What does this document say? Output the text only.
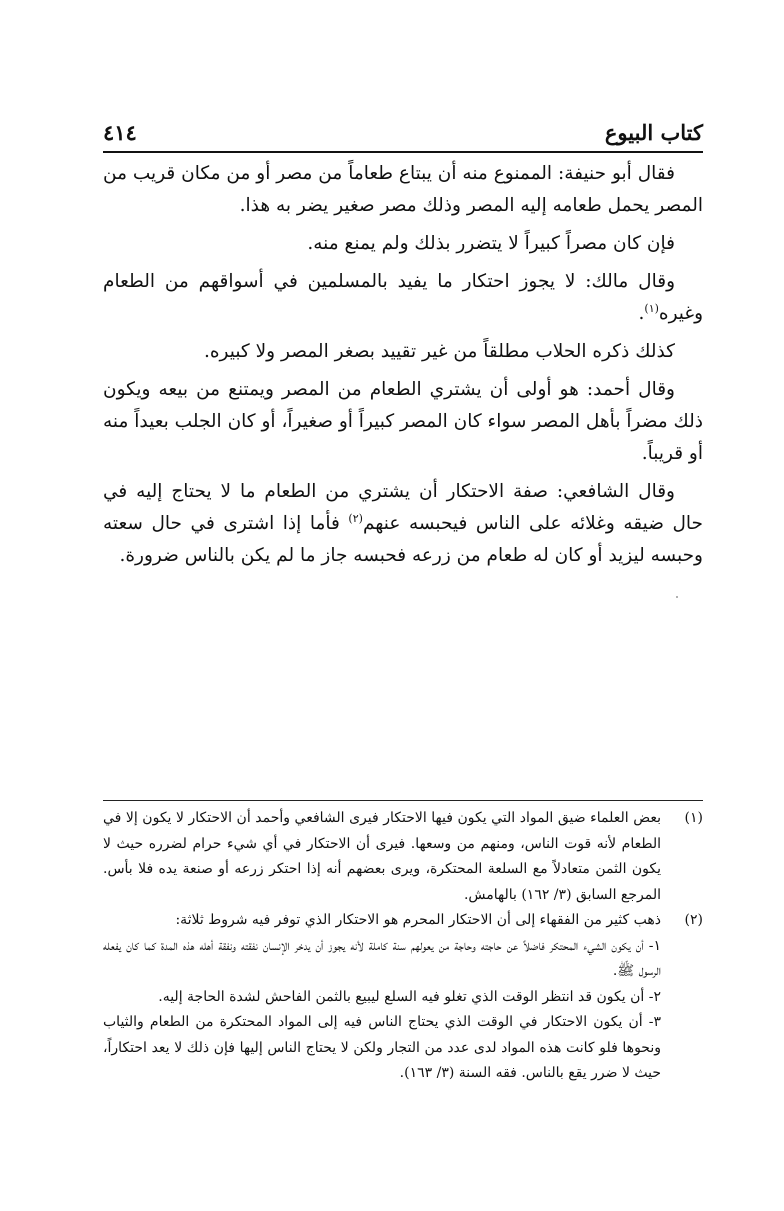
كتاب البيوع
٤١٤

فقال أبو حنيفة: الممنوع منه أن يبتاع طعاماً من مصر أو من مكان قريب من المصر يحمل طعامه إليه المصر وذلك مصر صغير يضر به هذا.

فإن كان مصراً كبيراً لا يتضرر بذلك ولم يمنع منه.

وقال مالك: لا يجوز احتكار ما يفيد بالمسلمين في أسواقهم من الطعام وغيره$^{(١)}$.

كذلك ذكره الحلاب مطلقاً من غير تقييد بصغر المصر ولا كبيره.

وقال أحمد: هو أولى أن يشتري الطعام من المصر ويمتنع من بيعه ويكون ذلك مضراً بأهل المصر سواء كان المصر كبيراً أو صغيراً، أو كان الجلب بعيداً منه أو قريباً.

وقال الشافعي: صفة الاحتكار أن يشتري من الطعام ما لا يحتاج إليه في حال ضيقه وغلائه على الناس فيحبسه عنهم$^{(٢)}$ فأما إذا اشترى في حال سعته وحبسه ليزيد أو كان له طعام من زرعه فحبسه جاز ما لم يكن بالناس ضرورة.

(١)
بعض العلماء ضيق المواد التي يكون فيها الاحتكار فيرى الشافعي وأحمد أن الاحتكار لا يكون إلا في الطعام لأنه قوت الناس، ومنهم من وسعها. فيرى أن الاحتكار في أي شيء حرام لضرره حيث لا يكون الثمن متعادلاً مع السلعة المحتكرة، ويرى بعضهم أنه إذا احتكر زرعه أو صنعة يده فلا بأس. المرجع السابق (٣/ ١٦٢) بالهامش.
(٢)
ذهب كثير من الفقهاء إلى أن الاحتكار المحرم هو الاحتكار الذي توفر فيه شروط ثلاثة:
١- أن يكون الشيء المحتكر فاضلاً عن حاجته وحاجة من يعولهم سنة كاملة لأنه يجوز أن يدخر الإنسان نفقته ونفقة أهله هذه المدة كما كان يفعله الرسول ﷺ.
٢- أن يكون قد انتظر الوقت الذي تغلو فيه السلع ليبيع بالثمن الفاحش لشدة الحاجة إليه.
٣- أن يكون الاحتكار في الوقت الذي يحتاج الناس فيه إلى المواد المحتكرة من الطعام والثياب ونحوها فلو كانت هذه المواد لدى عدد من التجار ولكن لا يحتاج الناس إليها فإن ذلك لا يعد احتكاراً، حيث لا ضرر يقع بالناس. فقه السنة (٣/ ١٦٣).
